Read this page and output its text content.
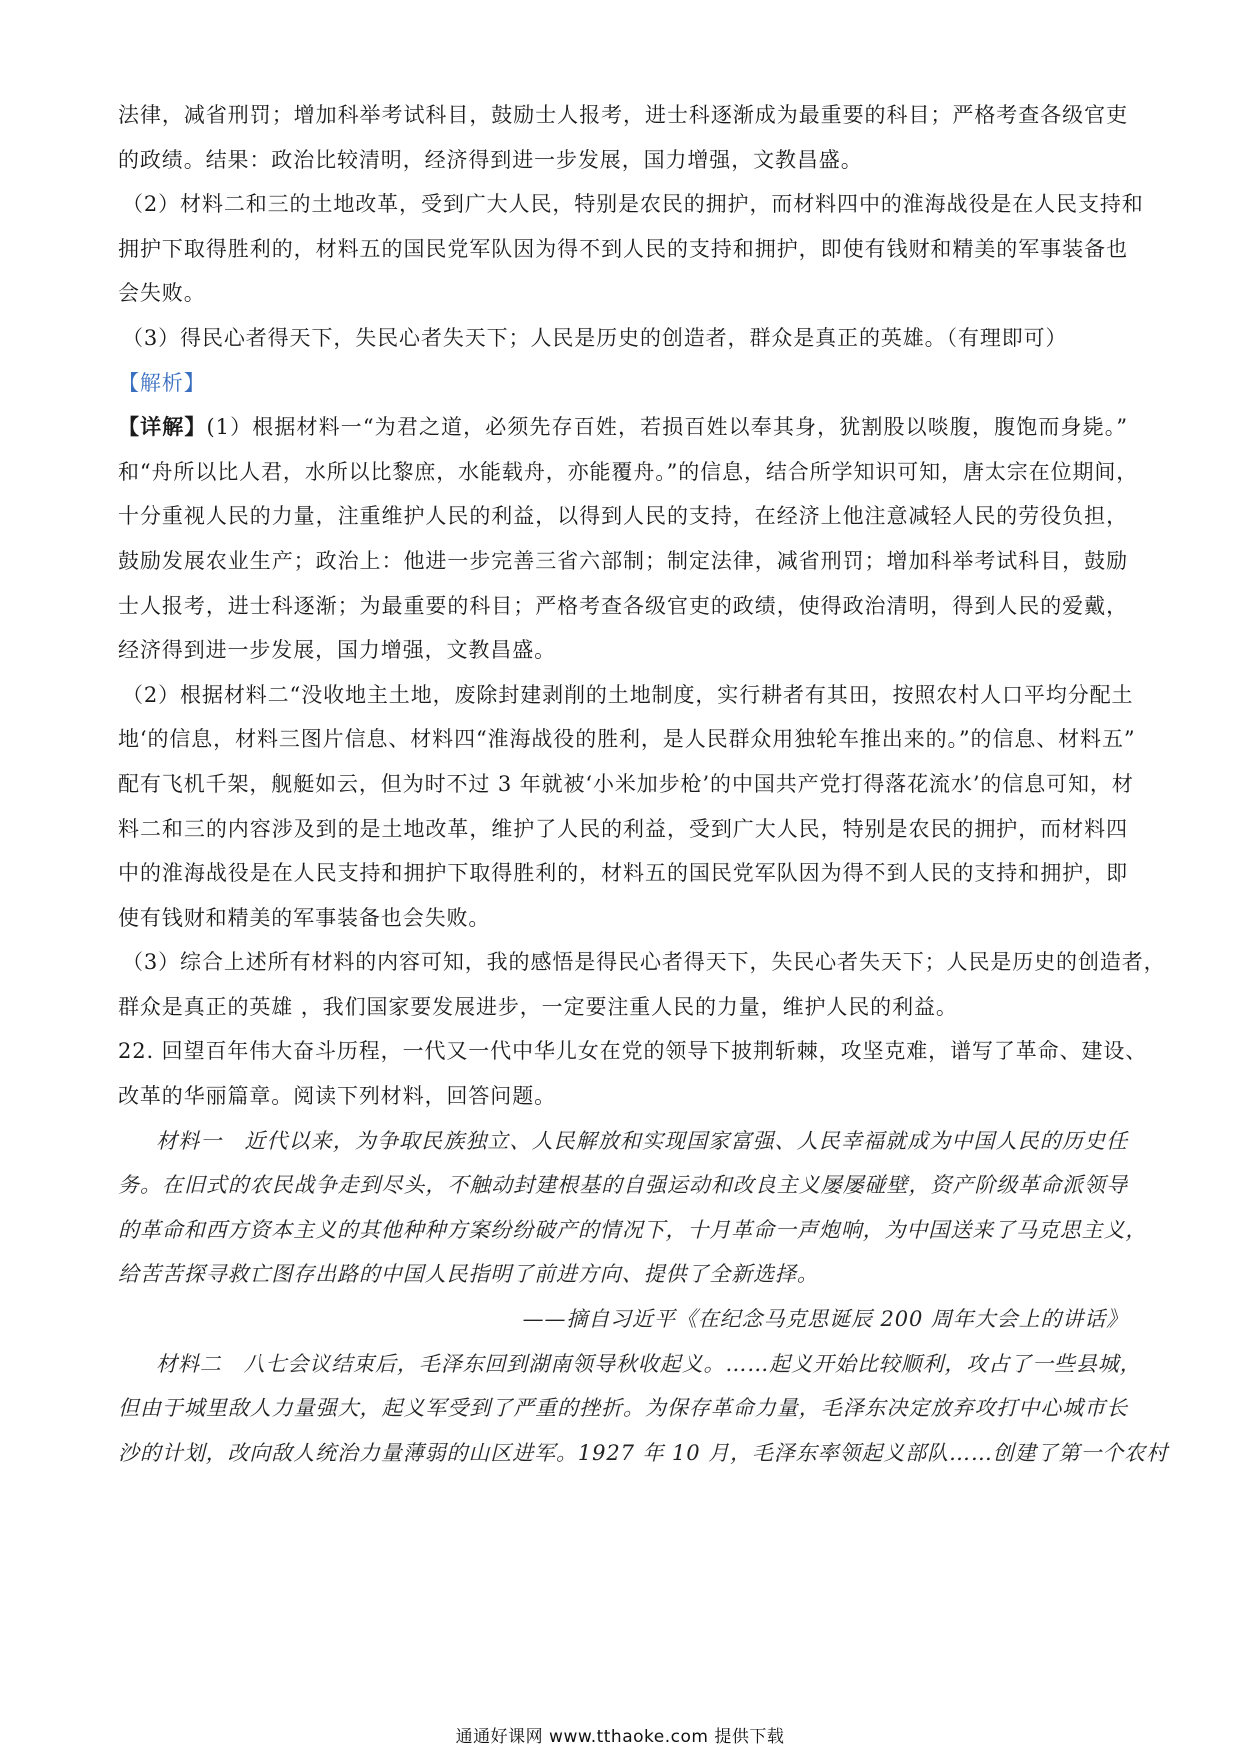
法律，减省刑罚；增加科举考试科目，鼓励士人报考，进士科逐渐成为最重要的科目；严格考查各级官吏
的政绩。结果：政治比较清明，经济得到进一步发展，国力增强，文教昌盛。
（2）材料二和三的土地改革，受到广大人民，特别是农民的拥护，而材料四中的淮海战役是在人民支持和
拥护下取得胜利的，材料五的国民党军队因为得不到人民的支持和拥护，即使有钱财和精美的军事装备也
会失败。
（3）得民心者得天下，失民心者失天下；人民是历史的创造者，群众是真正的英雄。（有理即可）
【解析】
【详解】(1）根据材料一“为君之道，必须先存百姓，若损百姓以奉其身，犹割股以啖腹，腹饱而身毙。”
和“舟所以比人君，水所以比黎庶，水能载舟，亦能覆舟。”的信息，结合所学知识可知，唐太宗在位期间，
十分重视人民的力量，注重维护人民的利益，以得到人民的支持，在经济上他注意减轻人民的劳役负担，
鼓励发展农业生产；政治上：他进一步完善三省六部制；制定法律，减省刑罚；增加科举考试科目，鼓励
士人报考，进士科逐渐；为最重要的科目；严格考查各级官吏的政绩，使得政治清明，得到人民的爱戴，
经济得到进一步发展，国力增强，文教昌盛。
（2）根据材料二“没收地主土地，废除封建剥削的土地制度，实行耕者有其田，按照农村人口平均分配土
地‘的信息，材料三图片信息、材料四“淮海战役的胜利，是人民群众用独轮车推出来的。”的信息、材料五”
配有飞机千架，舰艇如云，但为时不过 3 年就被‘小米加步枪’的中国共产党打得落花流水’的信息可知，材
料二和三的内容涉及到的是土地改革，维护了人民的利益，受到广大人民，特别是农民的拥护，而材料四
中的淮海战役是在人民支持和拥护下取得胜利的，材料五的国民党军队因为得不到人民的支持和拥护，即
使有钱财和精美的军事装备也会失败。
（3）综合上述所有材料的内容可知，我的感悟是得民心者得天下，失民心者失天下；人民是历史的创造者，
群众是真正的英雄 ，我们国家要发展进步，一定要注重人民的力量，维护人民的利益。
22. 回望百年伟大奋斗历程，一代又一代中华儿女在党的领导下披荆斩棘，攻坚克难，谱写了革命、建设、
改革的华丽篇章。阅读下列材料，回答问题。
材料一　近代以来，为争取民族独立、人民解放和实现国家富强、人民幸福就成为中国人民的历史任
务。在旧式的农民战争走到尽头，不触动封建根基的自强运动和改良主义屡屡碰壁，资产阶级革命派领导
的革命和西方资本主义的其他种种方案纷纷破产的情况下，十月革命一声炮响，为中国送来了马克思主义，
给苦苦探寻救亡图存出路的中国人民指明了前进方向、提供了全新选择。
——摘自习近平《在纪念马克思诞辰 200 周年大会上的讲话》
材料二　八七会议结束后，毛泽东回到湖南领导秋收起义。……起义开始比较顺利，攻占了一些县城，
但由于城里敌人力量强大，起义军受到了严重的挫折。为保存革命力量，毛泽东决定放弃攻打中心城市长
沙的计划，改向敌人统治力量薄弱的山区进军。1927 年 10 月，毛泽东率领起义部队……创建了第一个农村
通通好课网 www.tthaoke.com 提供下载
